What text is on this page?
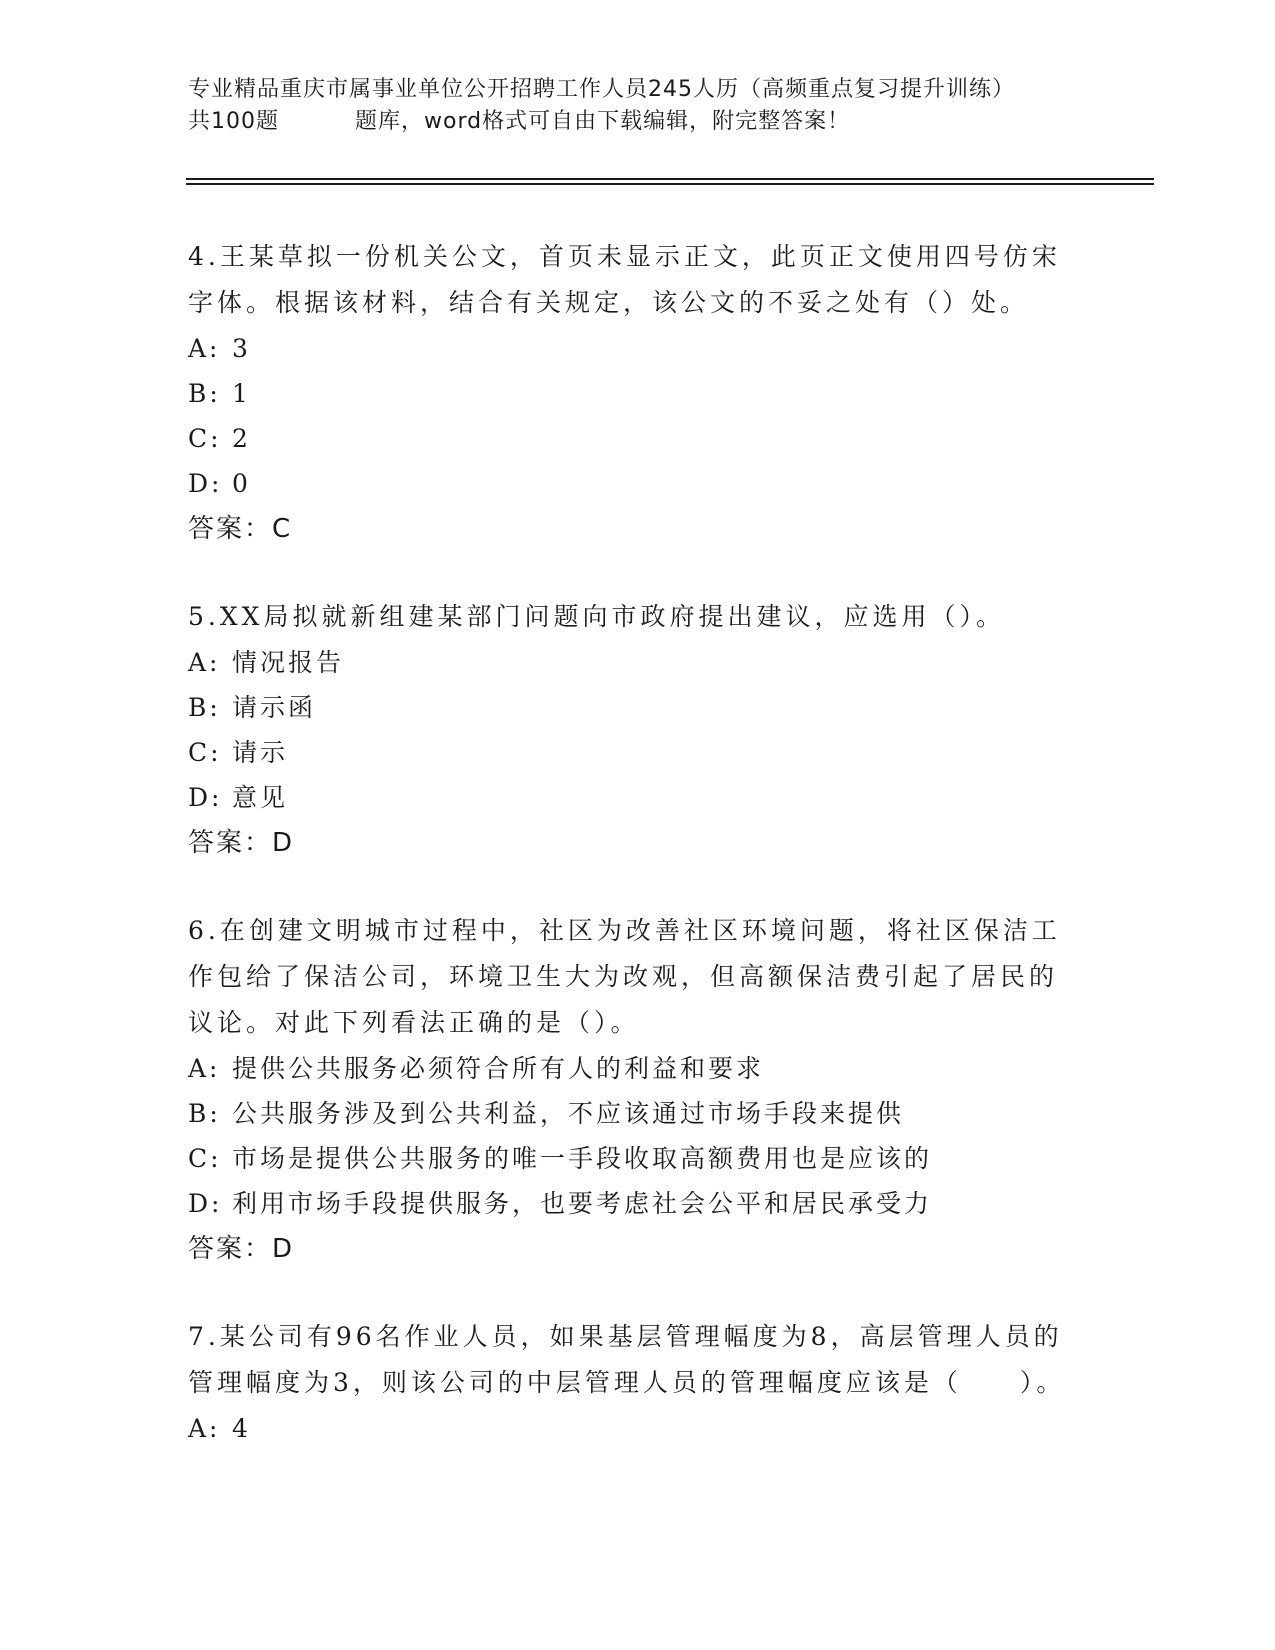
专业精品重庆市属事业单位公开招聘工作人员245人历（高频重点复习提升训练）
共100题	题库，word格式可自由下载编辑，附完整答案！
4.王某草拟一份机关公文，首页未显示正文，此页正文使用四号仿宋
字体。根据该材料，结合有关规定，该公文的不妥之处有（）处。
A: 3
B: 1
C: 2
D: 0
答案：C
5.XX局拟就新组建某部门问题向市政府提出建议，应选用（）。
A: 情况报告
B: 请示函
C: 请示
D: 意见
答案：D
6.在创建文明城市过程中，社区为改善社区环境问题，将社区保洁工
作包给了保洁公司，环境卫生大为改观，但高额保洁费引起了居民的
议论。对此下列看法正确的是（）。
A: 提供公共服务必须符合所有人的利益和要求
B: 公共服务涉及到公共利益，不应该通过市场手段来提供
C: 市场是提供公共服务的唯一手段收取高额费用也是应该的
D: 利用市场手段提供服务，也要考虑社会公平和居民承受力
答案：D
7.某公司有96名作业人员，如果基层管理幅度为8，高层管理人员的
管理幅度为3，则该公司的中层管理人员的管理幅度应该是（　　）。
A: 4
